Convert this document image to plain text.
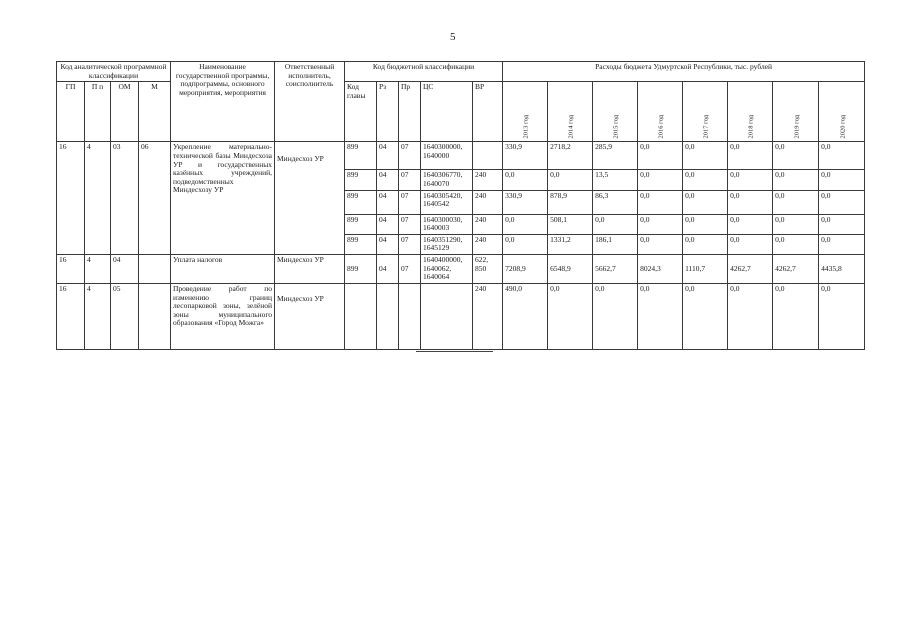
5
Код аналитической программной классификации				Наименование государственной программы, подпрограммы, основного мероприятия, мероприятия	Ответственный исполнитель, соисполнитель	Код бюджетной классификации					Расходы бюджета Удмуртской Республики, тыс. рублей							
ГП	П п	ОМ	М			Код главы	Рз	Пр	ЦС	ВР	2013 год	2014 год	2015 год	2016 год	2017 год	2018 год	2019 год	2020 год

16	4	03	06	Укрепление материально-технической базы Миндесхоза УР и государственных казённых учреждений, подведомственных Миндесхозу УР	Миндесхоз УР	899	04	07	1640300000, 1640000		330,9	2718,2	285,9	0,0	0,0	0,0	0,0	0,0
						899	04	07	1640306770, 1640070	240	0,0	0,0	13,5	0,0	0,0	0,0	0,0	0,0
						899	04	07	1640305420, 1640542	240	330,9	878,9	86,3	0,0	0,0	0,0	0,0	0,0
						899	04	07	1640300030, 1640003	240	0,0	508,1	0,0	0,0	0,0	0,0	0,0	0,0
						899	04	07	1640351290, 1645129	240	0,0	1331,2	186,1	0,0	0,0	0,0	0,0	0,0
16	4	04		Уплата налогов	Миндесхоз УР	899	04	07	1640400000, 1640062, 1640064	622, 850	7208,9	6548,9	5662,7	8024,3	1110,7	4262,7	4262,7	4435,8
16	4	05		Проведение работ по изменению границ лесопарковой зоны, зелёной зоны муниципального образования «Город Можга»	Миндесхоз УР					240	490,0	0,0	0,0	0,0	0,0	0,0	0,0	0,0
